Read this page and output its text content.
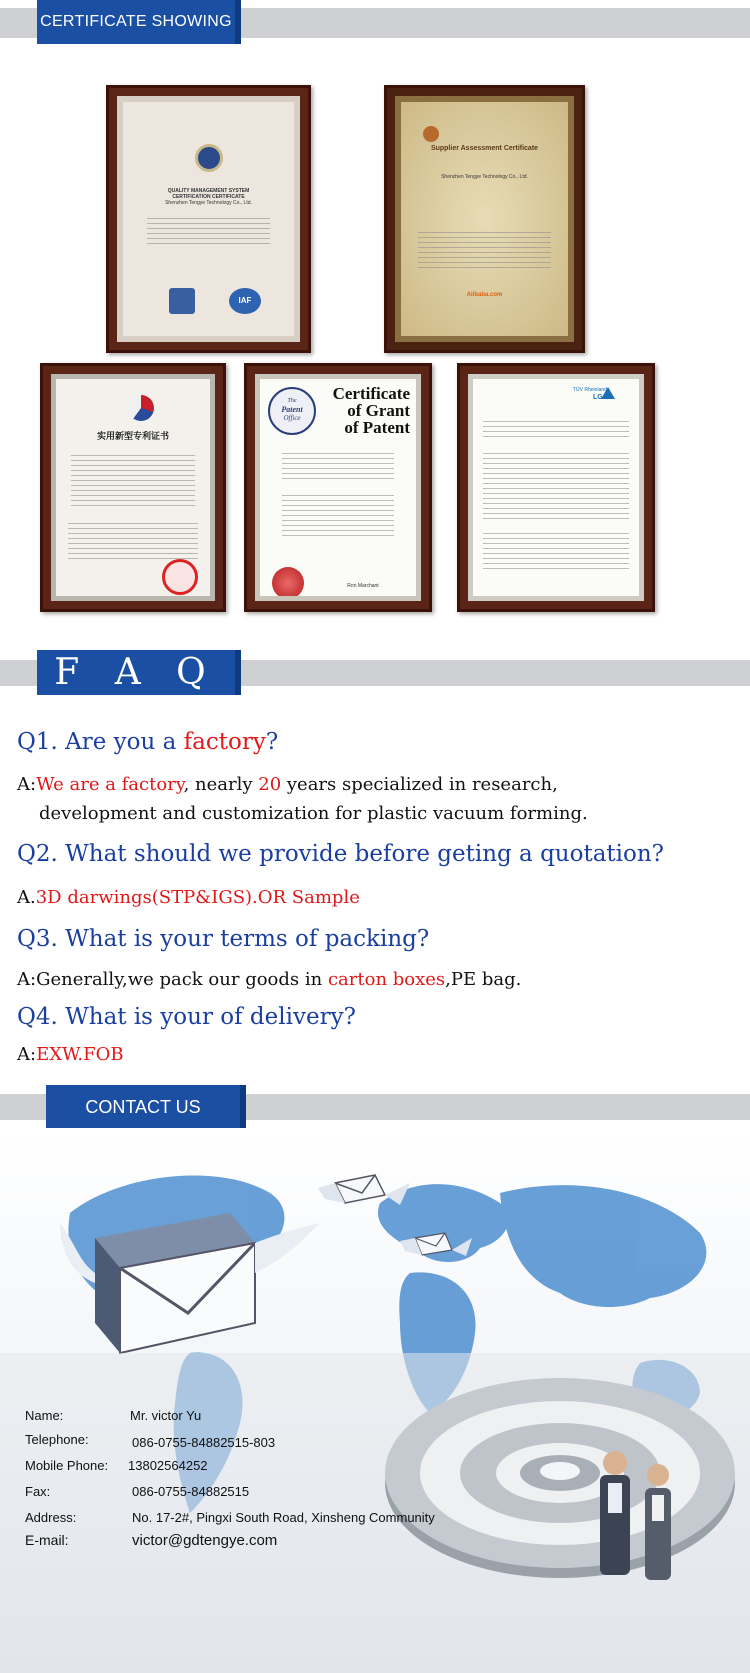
CERTIFICATE SHOWING
QUALITY MANAGEMENT SYSTEM
CERTIFICATION CERTIFICATE
Shenzhen Tengye Technology Co., Ltd.
IAF
Supplier Assessment Certificate
Shenzhen Tengye Technology Co., Ltd.
Alibaba.com
实用新型专利证书
The
Patent
Office
Certificate
of Grant
of Patent
Ron Marchant
TÜV Rheinland
LGA
F A Q
Q1. Are you a factory?
A:We are a factory, nearly 20 years specialized in research,
development and customization for plastic vacuum forming.
Q2. What should we provide before geting a quotation?
A.3D darwings(STP&IGS).OR Sample
Q3. What is your terms of packing?
A:Generally,we pack our goods in carton boxes,PE bag.
Q4. What is your of delivery?
A:EXW.FOB
CONTACT US
Name:	Mr. victor Yu
Telephone:	086-0755-84882515-803
Mobile Phone: 13802564252
Fax:	086-0755-84882515
Address:	No. 17-2#, Pingxi South Road, Xinsheng Community
E-mail:	victor@gdtengye.com
